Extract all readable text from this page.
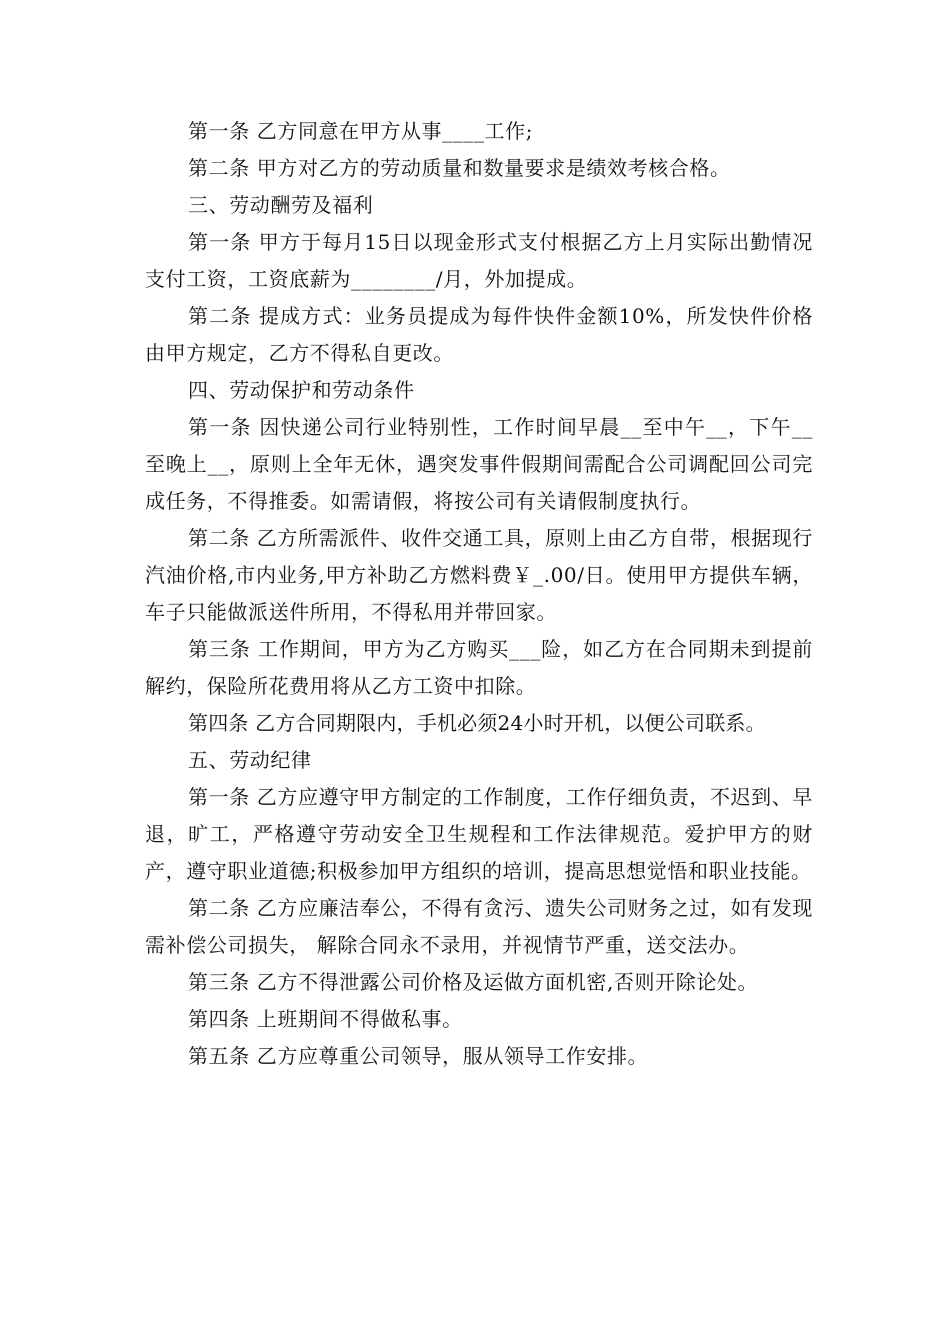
第一条 乙方同意在甲方从事____工作;

第二条 甲方对乙方的劳动质量和数量要求是绩效考核合格。

三、劳动酬劳及福利

第一条 甲方于每月15日以现金形式支付根据乙方上月实际出勤情况支付工资，工资底薪为________/月，外加提成。

第二条 提成方式：业务员提成为每件快件金额10%，所发快件价格由甲方规定，乙方不得私自更改。

四、劳动保护和劳动条件

第一条 因快递公司行业特别性，工作时间早晨__至中午__，下午__至晚上__，原则上全年无休，遇突发事件假期间需配合公司调配回公司完成任务，不得推委。如需请假，将按公司有关请假制度执行。

第二条 乙方所需派件、收件交通工具，原则上由乙方自带，根据现行汽油价格,市内业务,甲方补助乙方燃料费￥_.00/日。使用甲方提供车辆，车子只能做派送件所用，不得私用并带回家。

第三条 工作期间，甲方为乙方购买___险，如乙方在合同期未到提前解约，保险所花费用将从乙方工资中扣除。

第四条 乙方合同期限内，手机必须24小时开机，以便公司联系。

五、劳动纪律

第一条 乙方应遵守甲方制定的工作制度，工作仔细负责，不迟到、早退，旷工，严格遵守劳动安全卫生规程和工作法律规范。爱护甲方的财产，遵守职业道德;积极参加甲方组织的培训，提高思想觉悟和职业技能。

第二条 乙方应廉洁奉公，不得有贪污、遗失公司财务之过，如有发现需补偿公司损失， 解除合同永不录用，并视情节严重，送交法办。

第三条 乙方不得泄露公司价格及运做方面机密,否则开除论处。

第四条 上班期间不得做私事。

第五条 乙方应尊重公司领导，服从领导工作安排。
